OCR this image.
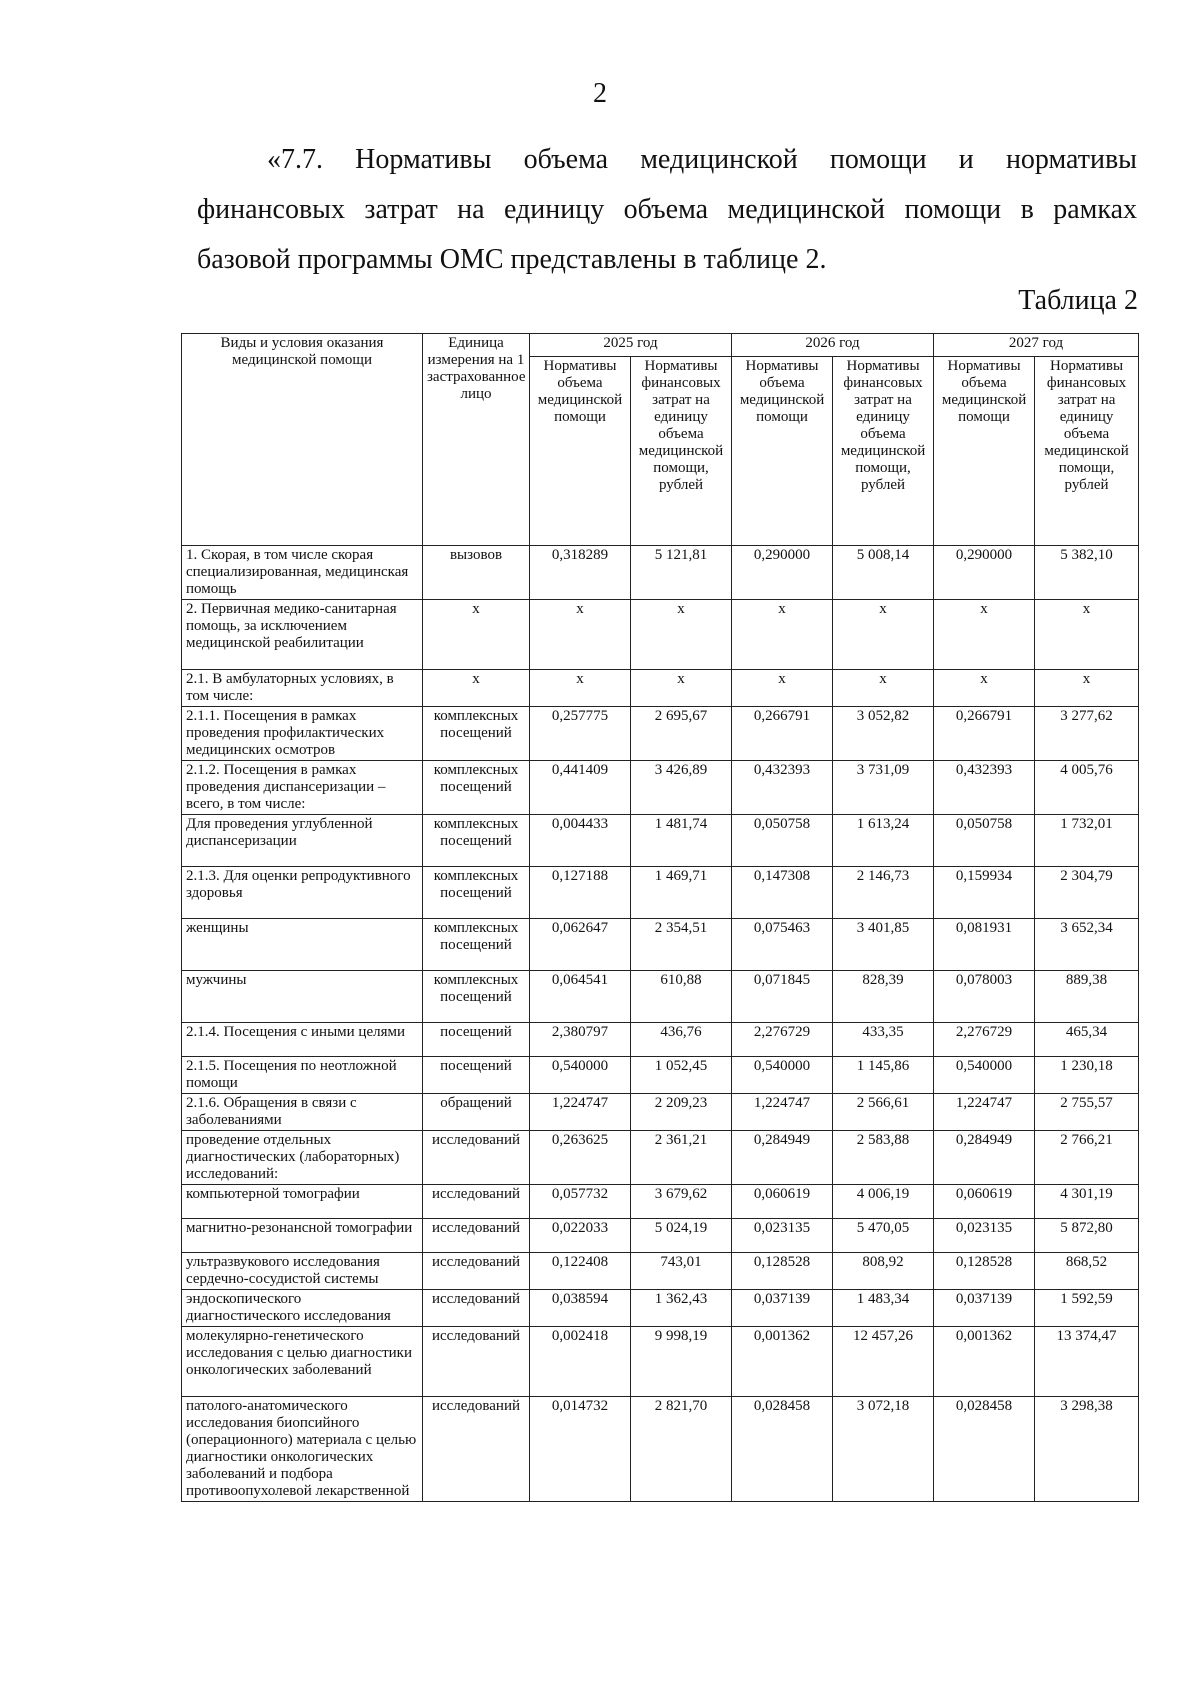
2

«7.7. Нормативы объема медицинской помощи и нормативы финансовых затрат на единицу объема медицинской помощи в рамках базовой программы ОМС представлены в таблице 2.

Таблица 2
Виды и условия оказания медицинской помощи	Единица измерения на 1 застрахованное лицо	2025 год		2026 год		2027 год	
		Нормативы объема медицинской помощи	Нормативы финансовых затрат на единицу объема медицинской помощи, рублей	Нормативы объема медицинской помощи	Нормативы финансовых затрат на единицу объема медицинской помощи, рублей	Нормативы объема медицинской помощи	Нормативы финансовых затрат на единицу объема медицинской помощи, рублей
1. Скорая, в том числе скорая специализированная, медицинская помощь	вызовов	0,318289	5 121,81	0,290000	5 008,14	0,290000	5 382,10
2. Первичная медико-санитарная помощь, за исключением медицинской реабилитации	x	x	x	x	x	x	x
2.1. В амбулаторных условиях, в том числе:	x	x	x	x	x	x	x
2.1.1. Посещения в рамках проведения профилактических медицинских осмотров	комплексных посещений	0,257775	2 695,67	0,266791	3 052,82	0,266791	3 277,62
2.1.2. Посещения в рамках проведения диспансеризации – всего, в том числе:	комплексных посещений	0,441409	3 426,89	0,432393	3 731,09	0,432393	4 005,76
Для проведения углубленной диспансеризации	комплексных посещений	0,004433	1 481,74	0,050758	1 613,24	0,050758	1 732,01
2.1.3. Для оценки репродуктивного здоровья	комплексных посещений	0,127188	1 469,71	0,147308	2 146,73	0,159934	2 304,79
женщины	комплексных посещений	0,062647	2 354,51	0,075463	3 401,85	0,081931	3 652,34
мужчины	комплексных посещений	0,064541	610,88	0,071845	828,39	0,078003	889,38
2.1.4. Посещения с иными целями	посещений	2,380797	436,76	2,276729	433,35	2,276729	465,34
2.1.5. Посещения по неотложной помощи	посещений	0,540000	1 052,45	0,540000	1 145,86	0,540000	1 230,18
2.1.6. Обращения в связи с заболеваниями	обращений	1,224747	2 209,23	1,224747	2 566,61	1,224747	2 755,57
проведение отдельных диагностических (лабораторных) исследований:	исследований	0,263625	2 361,21	0,284949	2 583,88	0,284949	2 766,21
компьютерной томографии	исследований	0,057732	3 679,62	0,060619	4 006,19	0,060619	4 301,19
магнитно-резонансной томографии	исследований	0,022033	5 024,19	0,023135	5 470,05	0,023135	5 872,80
ультразвукового исследования сердечно-сосудистой системы	исследований	0,122408	743,01	0,128528	808,92	0,128528	868,52
эндоскопического диагностического исследования	исследований	0,038594	1 362,43	0,037139	1 483,34	0,037139	1 592,59
молекулярно-генетического исследования с целью диагностики онкологических заболеваний	исследований	0,002418	9 998,19	0,001362	12 457,26	0,001362	13 374,47
патолого-анатомического исследования биопсийного (операционного) материала с целью диагностики онкологических заболеваний и подбора противоопухолевой лекарственной	исследований	0,014732	2 821,70	0,028458	3 072,18	0,028458	3 298,38
